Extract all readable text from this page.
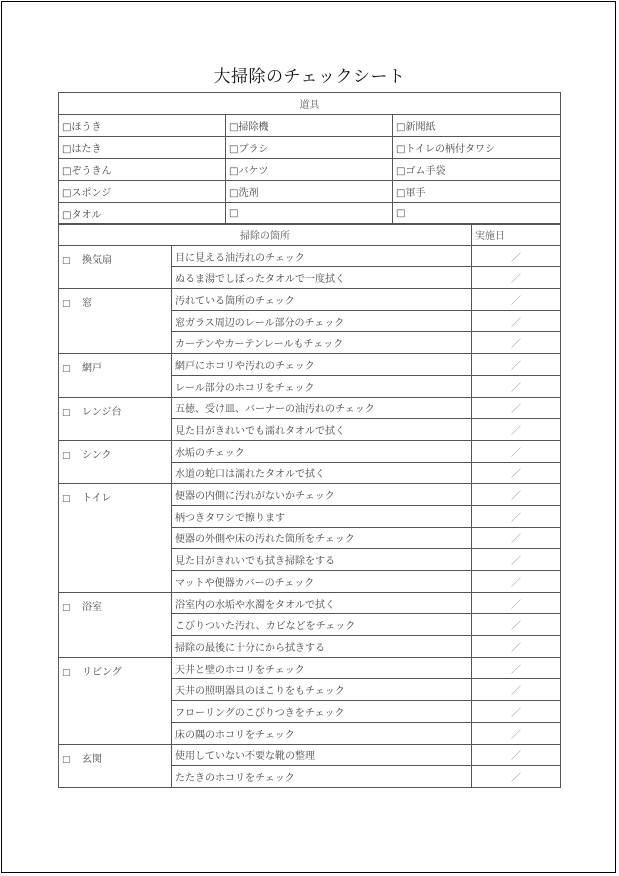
大掃除のチェックシート
道具		
□ほうき	□掃除機	□新聞紙
□はたき	□ブラシ	□トイレの柄付タワシ
□ぞうきん	□バケツ	□ゴム手袋
□スポンジ	□洗剤	□軍手
□タオル	□	□
掃除の箇所		実施日
□ 換気扇	目に見える油汚れのチェック	／
	ぬるま湯でしぼったタオルで一度拭く	／
□ 窓	汚れている箇所のチェック	／
	窓ガラス周辺のレール部分のチェック	／
	カーテンやカーテンレールもチェック	／
□ 網戸	網戸にホコリや汚れのチェック	／
	レール部分のホコリをチェック	／
□ レンジ台	五徳、受け皿、バーナーの油汚れのチェック	／
	見た目がきれいでも濡れタオルで拭く	／
□ シンク	水垢のチェック	／
	水道の蛇口は濡れたタオルで拭く	／
□ トイレ	便器の内側に汚れがないかチェック	／
	柄つきタワシで擦ります	／
	便器の外側や床の汚れた箇所をチェック	／
	見た目がきれいでも拭き掃除をする	／
	マットや便器カバーのチェック	／
□ 浴室	浴室内の水垢や水濁をタオルで拭く	／
	こびりついた汚れ、カビなどをチェック	／
	掃除の最後に十分にから拭きする	／
□ リビング	天井と壁のホコリをチェック	／
	天井の照明器具のほこりをもチェック	／
	フローリングのこびりつきをチェック	／
	床の隅のホコリをチェック	／
□ 玄関	使用していない不要な靴の整理	／
	たたきのホコリをチェック	／
